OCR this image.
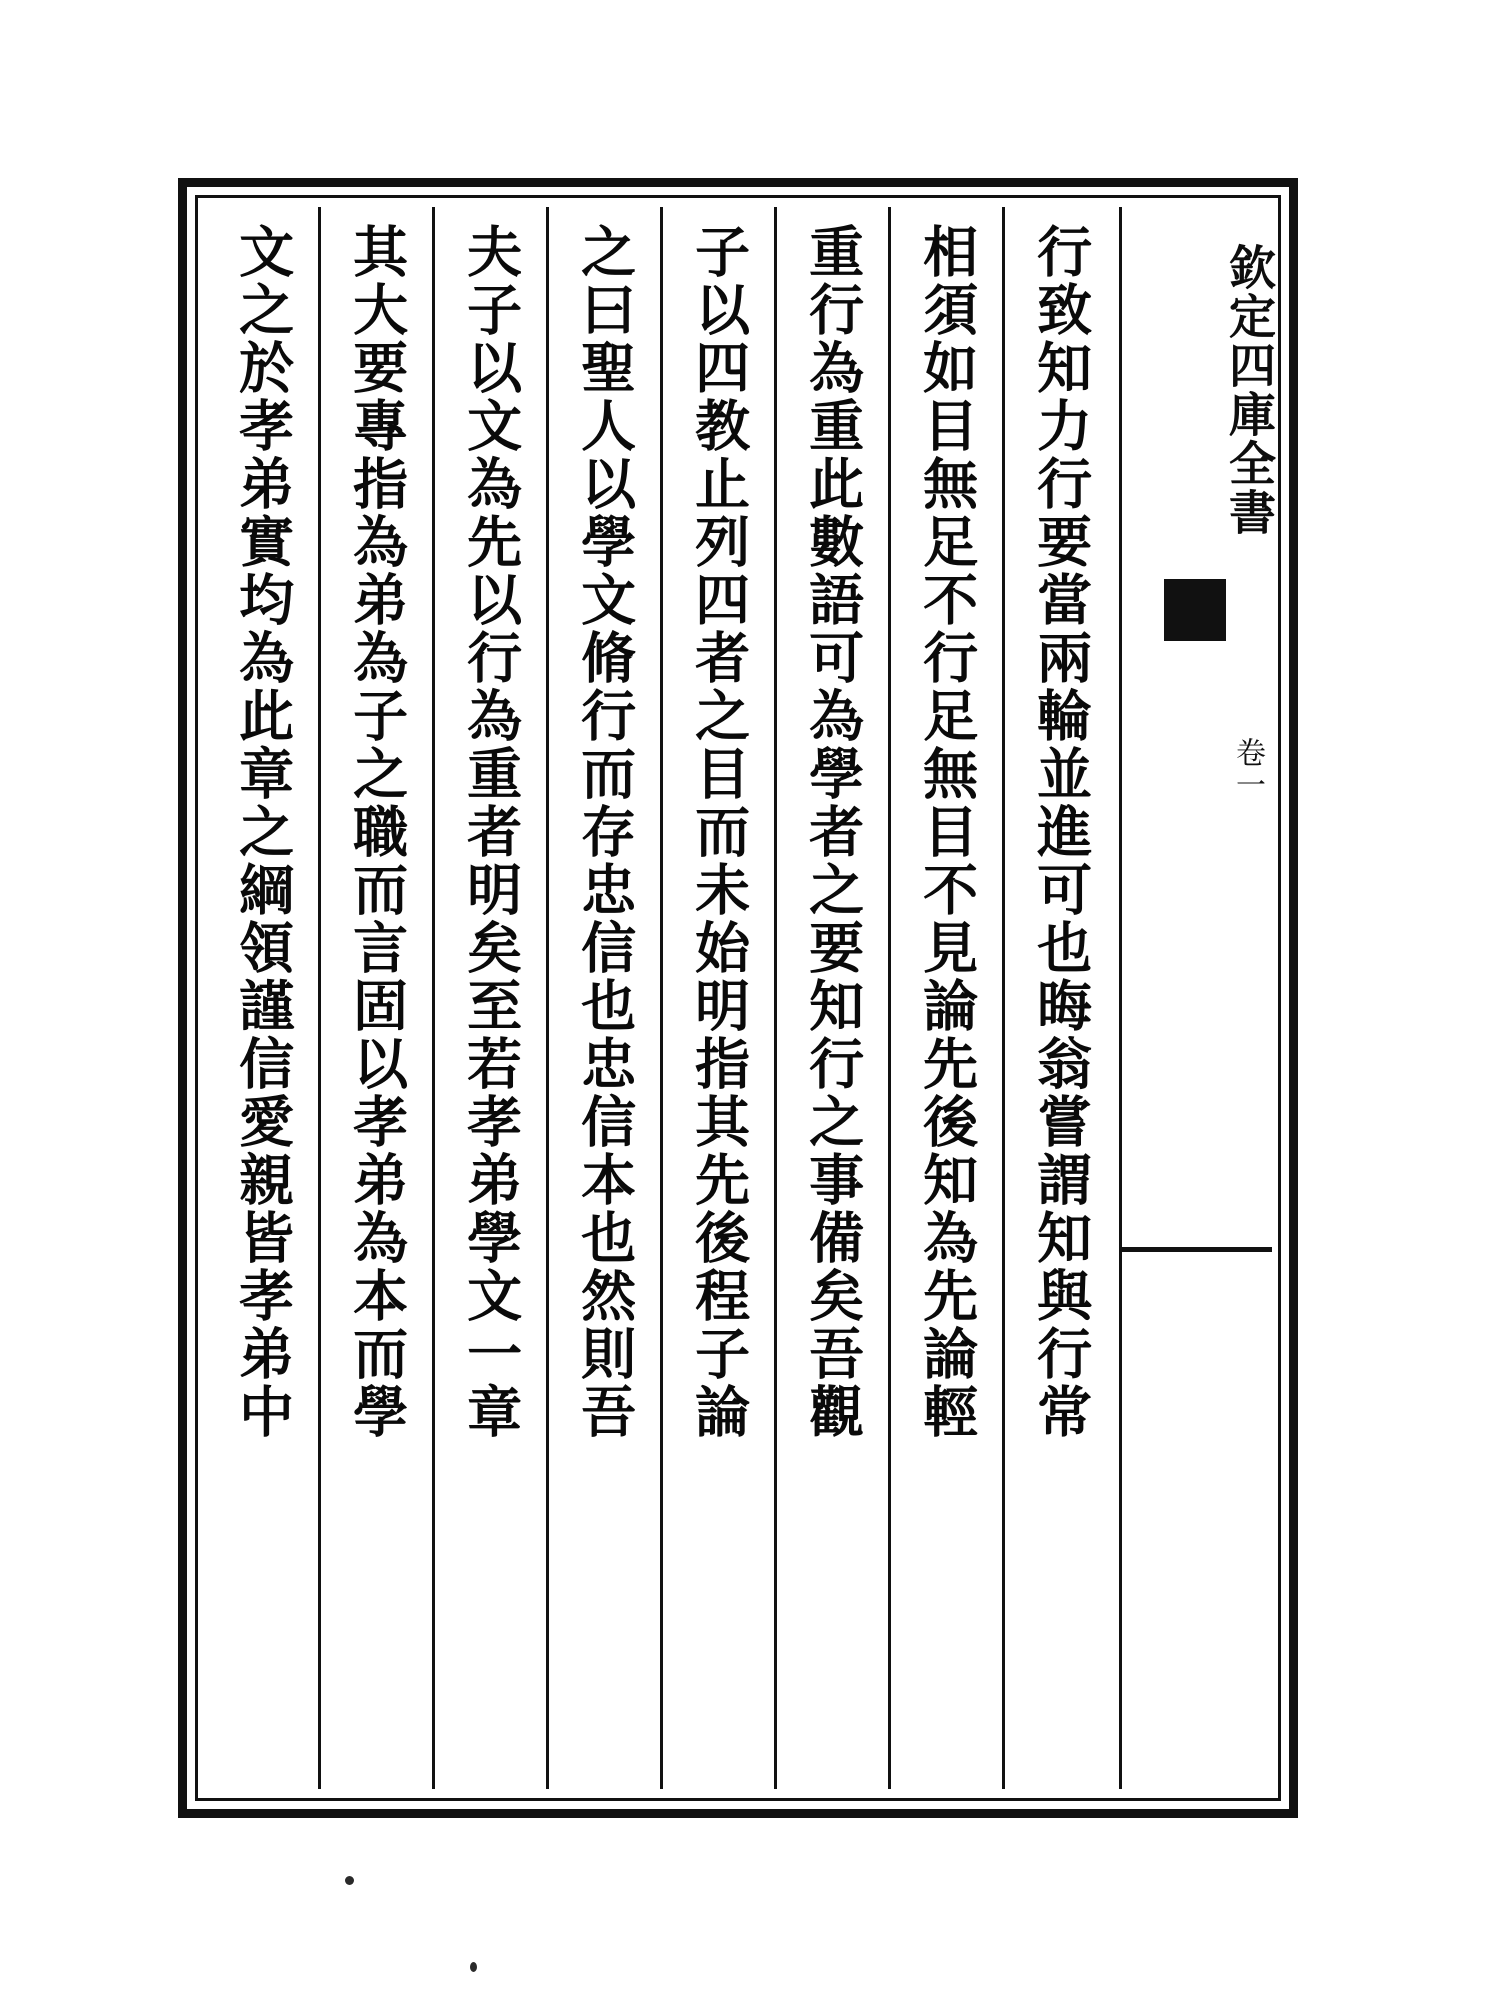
欽定四庫全書
卷一
行致知力行要當兩輪並進可也晦翁嘗謂知與行常
相須如目無足不行足無目不見論先後知為先論輕
重行為重此數語可為學者之要知行之事備矣吾觀
子以四教止列四者之目而未始明指其先後程子論
之曰聖人以學文脩行而存忠信也忠信本也然則吾
夫子以文為先以行為重者明矣至若孝弟學文一章
其大要專指為弟為子之職而言固以孝弟為本而學
文之於孝弟實均為此章之綱領謹信愛親皆孝弟中
